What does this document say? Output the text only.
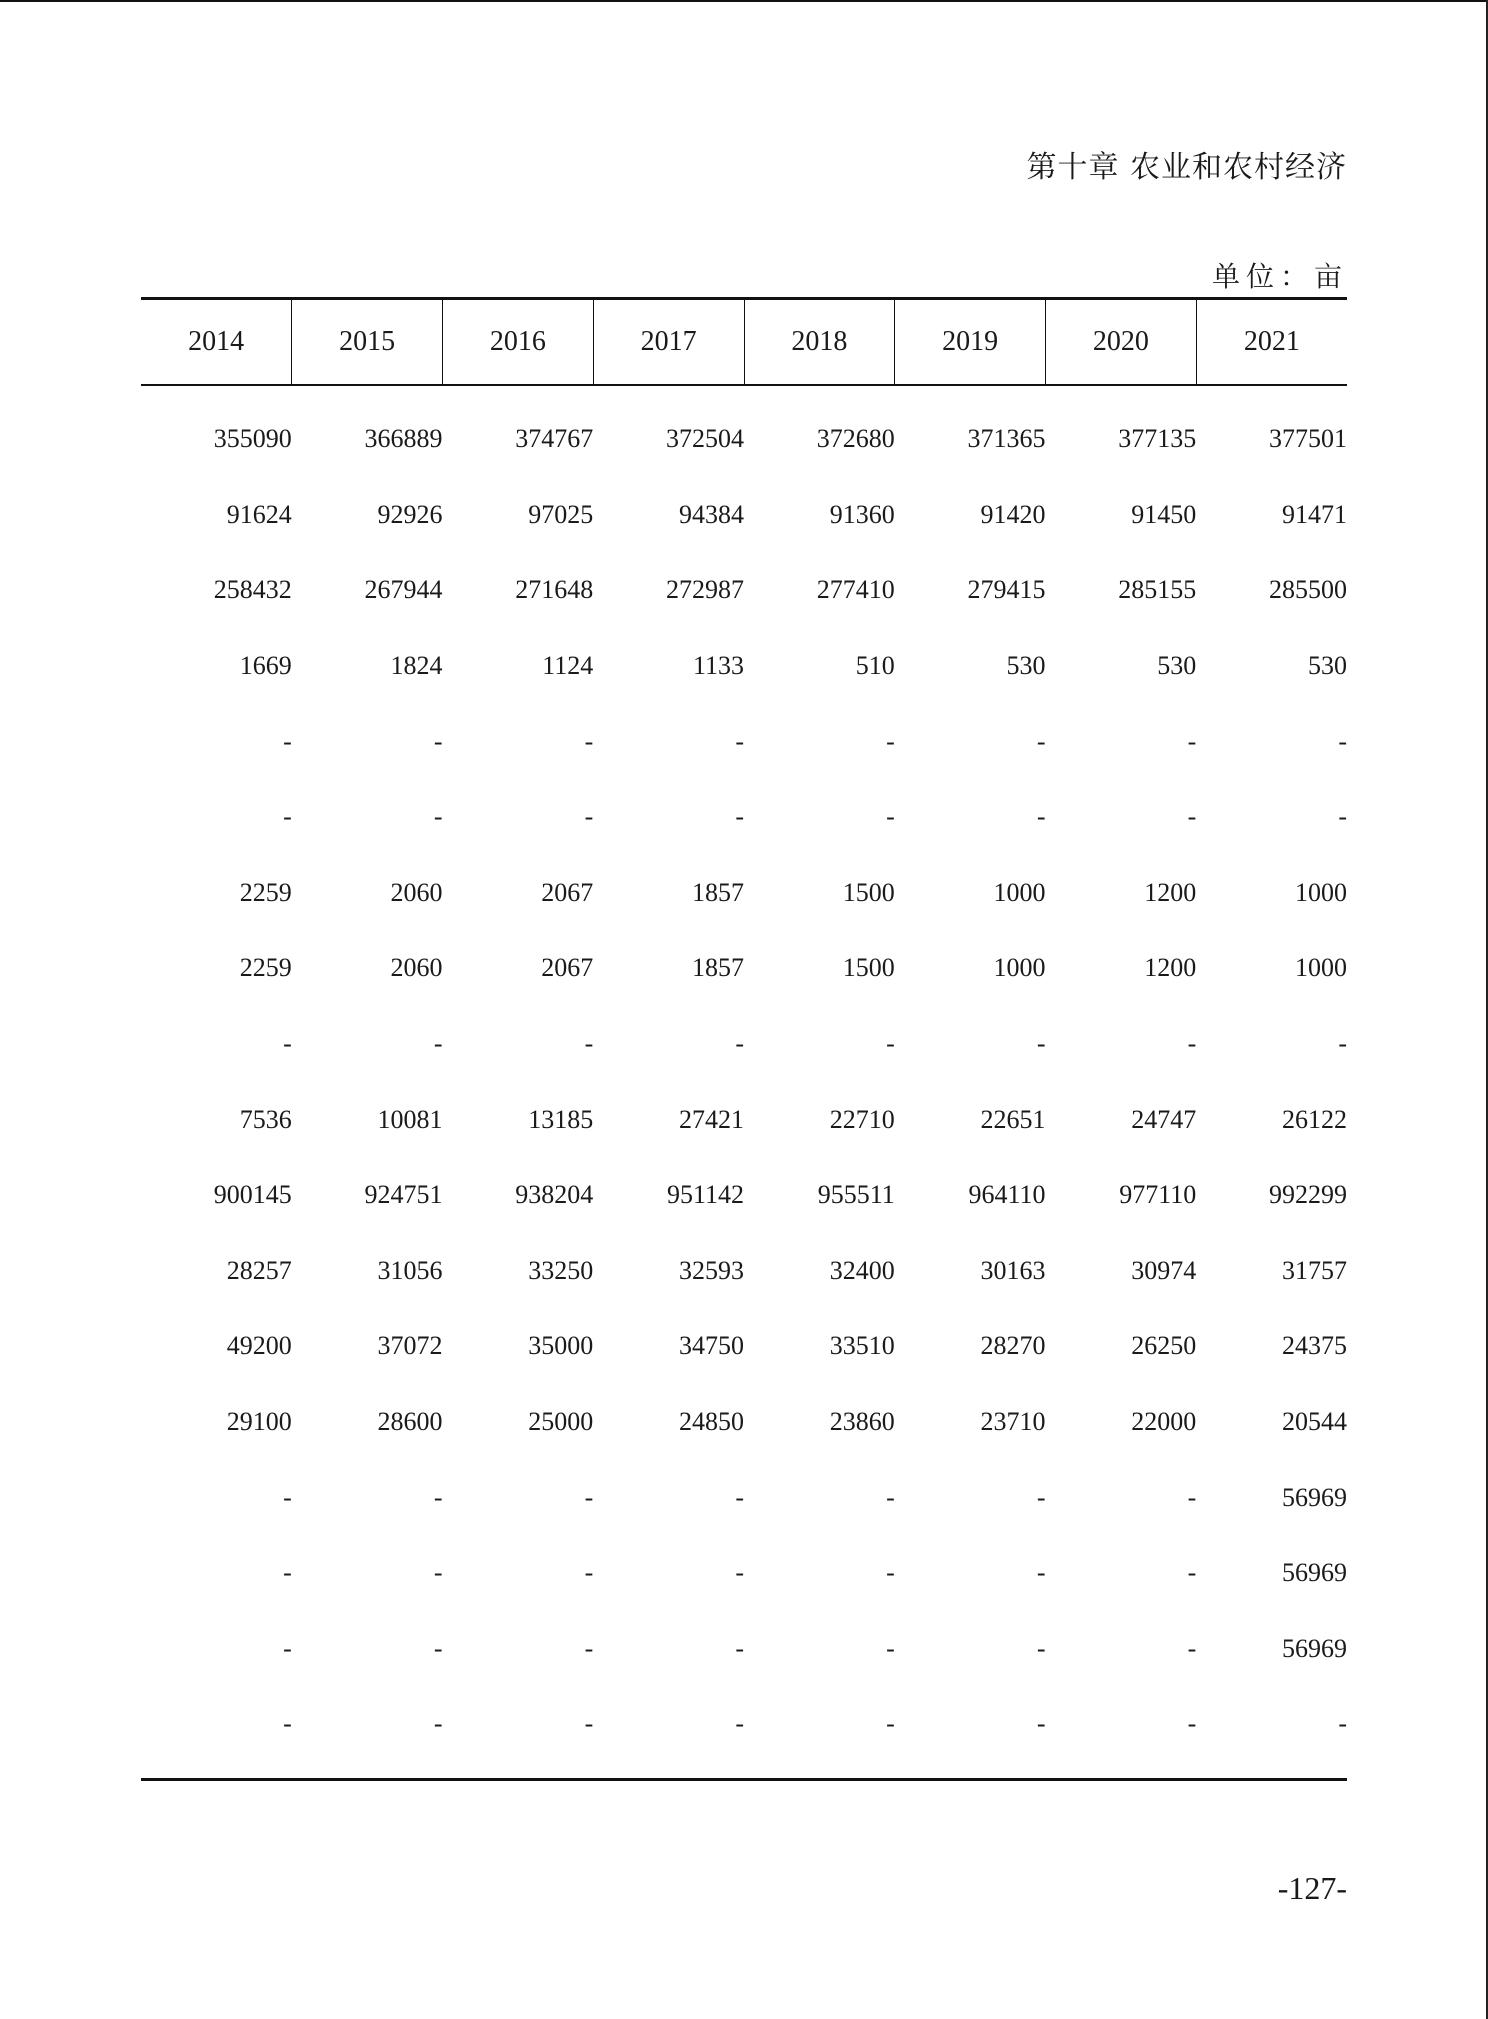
第十章 农业和农村经济
单位：亩
2014	2015	2016	2017	2018	2019	2020	2021

355090	366889	374767	372504	372680	371365	377135	377501
91624	92926	97025	94384	91360	91420	91450	91471
258432	267944	271648	272987	277410	279415	285155	285500
1669	1824	1124	1133	510	530	530	530
-	-	-	-	-	-	-	-
-	-	-	-	-	-	-	-
2259	2060	2067	1857	1500	1000	1200	1000
2259	2060	2067	1857	1500	1000	1200	1000
-	-	-	-	-	-	-	-
7536	10081	13185	27421	22710	22651	24747	26122
900145	924751	938204	951142	955511	964110	977110	992299
28257	31056	33250	32593	32400	30163	30974	31757
49200	37072	35000	34750	33510	28270	26250	24375
29100	28600	25000	24850	23860	23710	22000	20544
-	-	-	-	-	-	-	56969
-	-	-	-	-	-	-	56969
-	-	-	-	-	-	-	56969
-	-	-	-	-	-	-	-
-127-
